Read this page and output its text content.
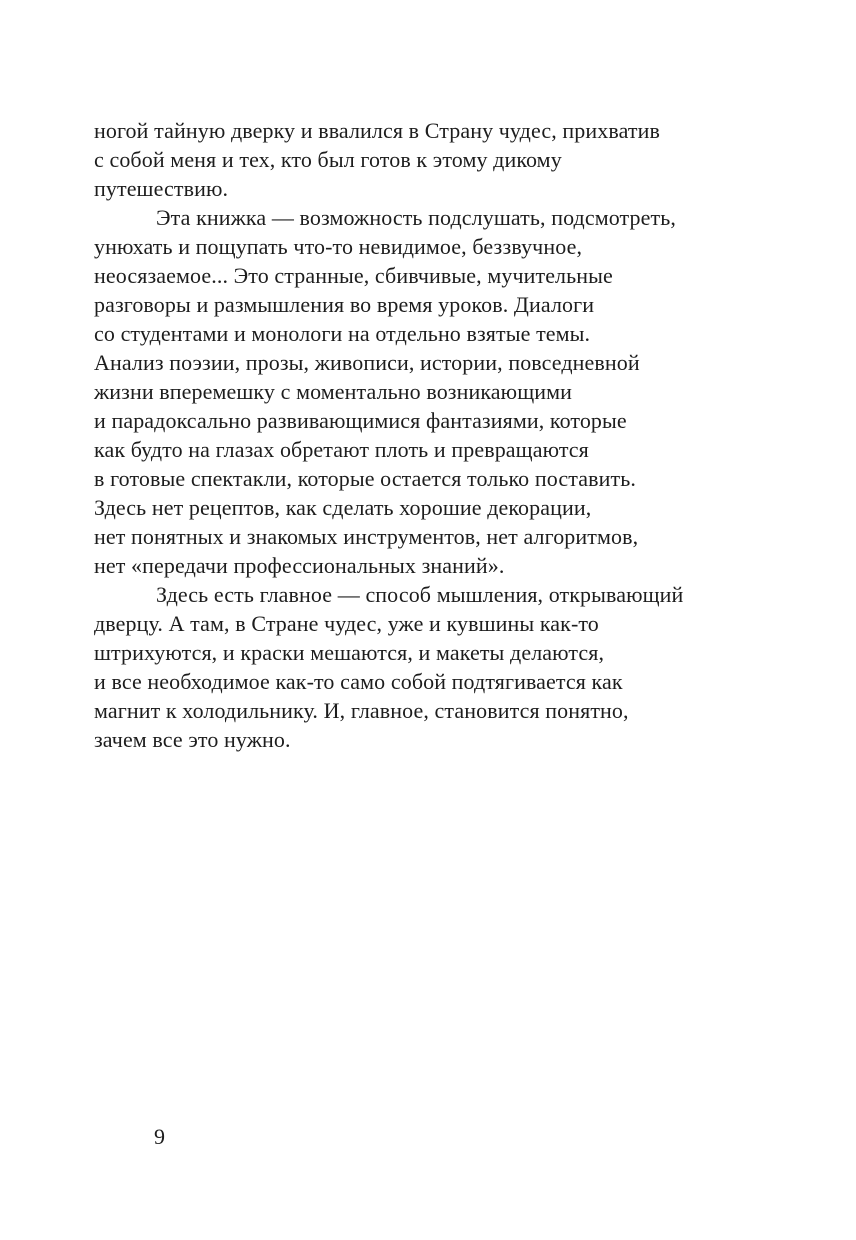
ногой тайную дверку и ввалился в Страну чудес, прихватив
с собой меня и тех, кто был готов к этому дикому
путешествию.
Эта книжка — возможность подслушать, подсмотреть,
унюхать и пощупать что-то невидимое, беззвучное,
неосязаемое... Это странные, сбивчивые, мучительные
разговоры и размышления во время уроков. Диалоги
со студентами и монологи на отдельно взятые темы.
Анализ поэзии, прозы, живописи, истории, повседневной
жизни вперемешку с моментально возникающими
и парадоксально развивающимися фантазиями, которые
как будто на глазах обретают плоть и превращаются
в готовые спектакли, которые остается только поставить.
Здесь нет рецептов, как сделать хорошие декорации,
нет понятных и знакомых инструментов, нет алгоритмов,
нет «передачи профессиональных знаний».
Здесь есть главное — способ мышления, открывающий
дверцу. А там, в Стране чудес, уже и кувшины как-то
штрихуются, и краски мешаются, и макеты делаются,
и все необходимое как-то само собой подтягивается как
магнит к холодильнику. И, главное, становится понятно,
зачем все это нужно.
9
